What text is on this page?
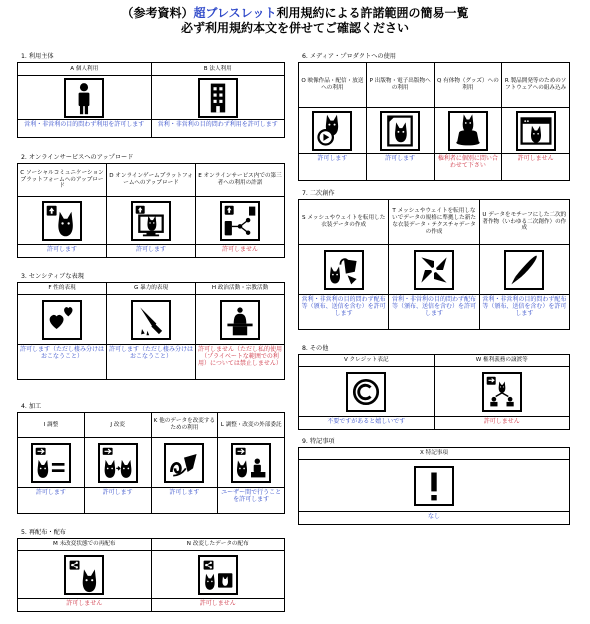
（参考資料）超ブレスレット利用規約による許諾範囲の簡易一覧
必ず利用規約本文を併せてご確認ください
1. 利用主体
A 個人利用
営利・非営利の目的問わず利用を許可します
B 法人利用
営利・非営利の目的問わず利用を許可します
2. オンラインサービスへのアップロード
C ソーシャルコミュニケーションプラットフォームへのアップロード
許可します
D オンラインゲームプラットフォームへのアップロード
許可します
E オンラインサービス内での第三者への利用の許諾
許可しません
3. センシティブな表現
F 性的表現
許可します（ただし棲み分けはおこなうこと）
G 暴力的表現
許可します（ただし棲み分けはおこなうこと）
H 政治活動・宗教活動
許可しません（ただし私的使用（プライベートな範囲での利用）については禁止しません）
4. 加工
I 調整
許可します
J 改変
許可します
K 他のデータを改変するための利用
許可します
L 調整・改変の外部委託
ユーザー間で行うことを許可します
5. 再配布・配布
M 未改変状態での再配布
許可しません
N 改変したデータの配布
許可しません
6. メディア・プロダクトへの使用
O 映像作品・配信・放送への利用
許可します
P 出版物・電子出版物への利用
許可します
Q 有体物（グッズ）への利用
権利者に個別に問い合わせて下さい
R 製品開発等のためのソフトウェアへの組み込み
許可しません
7. 二次創作
S メッシュやウェイトを転用した衣装データの作成
営利・非営利の目的問わず配布等（頒布、送信を含む）を許可します
T メッシュやウェイトを転用しないでデータの規格に準拠した新たな衣装データ・テクスチャデータの作成
営利・非営利の目的問わず配布等（頒布、送信を含む）を許可します
U データをモチーフにした二次的著作物（いわゆる二次創作）の作成
営利・非営利の目的問わず配布等（頒布、送信を含む）を許可します
8. その他
V クレジット表記
不要ですがあると嬉しいです
W 権利義務の譲渡等
許可しません
9. 特記事項
X 特記事項
なし
